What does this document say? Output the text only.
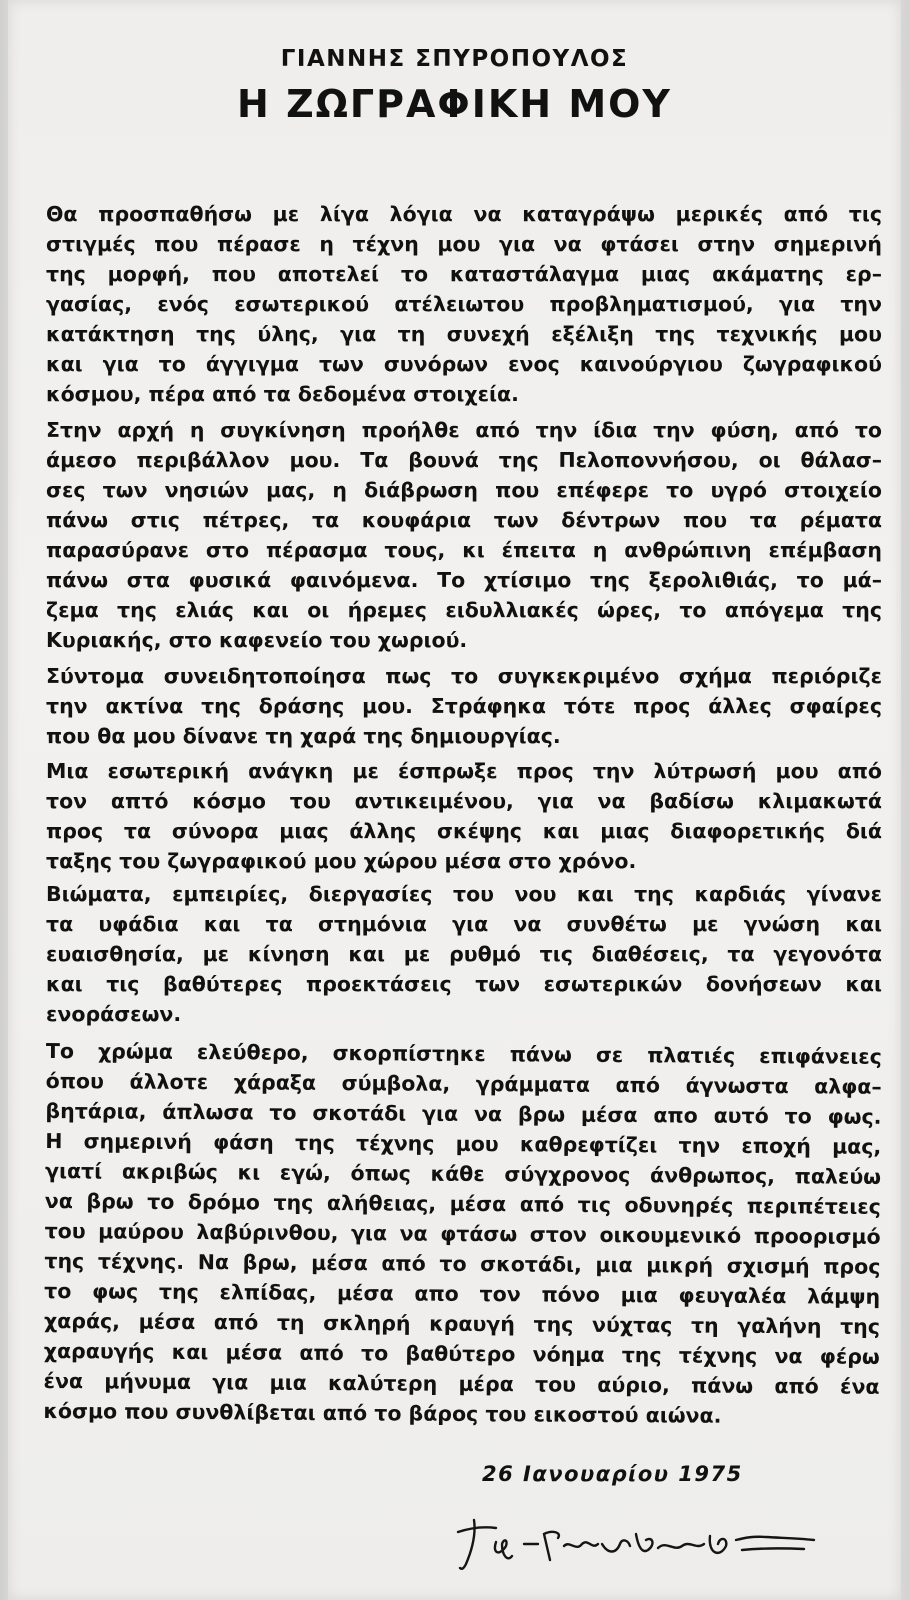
ΓΙΑΝΝΗΣ ΣΠΥΡΟΠΟΥΛΟΣ
Η ΖΩΓΡΑΦΙΚΗ ΜΟΥ
Θα προσπαθήσω με λίγα λόγια να καταγράψω μερικές από τις
στιγμές που πέρασε η τέχνη μου για να φτάσει στην σημερινή
της μορφή, που αποτελεί το καταστάλαγμα μιας ακάματης ερ–
γασίας, ενός εσωτερικού ατέλειωτου προβληματισμού, για την
κατάκτηση της ύλης, για τη συνεχή εξέλιξη της τεχνικής μου
και για το άγγιγμα των συνόρων ενος καινούργιου ζωγραφικού
κόσμου, πέρα από τα δεδομένα στοιχεία.
Στην αρχή η συγκίνηση προήλθε από την ίδια την φύση, από το
άμεσο περιβάλλον μου. Τα βουνά της Πελοποννήσου, οι θάλασ–
σες των νησιών μας, η διάβρωση που επέφερε το υγρό στοιχείο
πάνω στις πέτρες, τα κουφάρια των δέντρων που τα ρέματα
παρασύρανε στο πέρασμα τους, κι έπειτα η ανθρώπινη επέμβαση
πάνω στα φυσικά φαινόμενα. Το χτίσιμο της ξερολιθιάς, το μά–
ζεμα της ελιάς και οι ήρεμες ειδυλλιακές ώρες, το απόγεμα της
Κυριακής, στο καφενείο του χωριού.
Σύντομα συνειδητοποίησα πως το συγκεκριμένο σχήμα περιόριζε
την ακτίνα της δράσης μου. Στράφηκα τότε προς άλλες σφαίρες
που θα μου δίνανε τη χαρά της δημιουργίας.
Μια εσωτερική ανάγκη με έσπρωξε προς την λύτρωσή μου από
τον απτό κόσμο του αντικειμένου, για να βαδίσω κλιμακωτά
προς τα σύνορα μιας άλλης σκέψης και μιας διαφορετικής διά
ταξης του ζωγραφικού μου χώρου μέσα στο χρόνο.
Βιώματα, εμπειρίες, διεργασίες του νου και της καρδιάς γίνανε
τα υφάδια και τα στημόνια για να συνθέτω με γνώση και
ευαισθησία, με κίνηση και με ρυθμό τις διαθέσεις, τα γεγονότα
και τις βαθύτερες προεκτάσεις των εσωτερικών δονήσεων και
ενοράσεων.
Το χρώμα ελεύθερο, σκορπίστηκε πάνω σε πλατιές επιφάνειες
όπου άλλοτε χάραξα σύμβολα, γράμματα από άγνωστα αλφα–
βητάρια, άπλωσα το σκοτάδι για να βρω μέσα απο αυτό το φως.
Η σημερινή φάση της τέχνης μου καθρεφτίζει την εποχή μας,
γιατί ακριβώς κι εγώ, όπως κάθε σύγχρονος άνθρωπος, παλεύω
να βρω το δρόμο της αλήθειας, μέσα από τις οδυνηρές περιπέτειες
του μαύρου λαβύρινθου, για να φτάσω στον οικουμενικό προορισμό
της τέχνης. Να βρω, μέσα από το σκοτάδι, μια μικρή σχισμή προς
το φως της ελπίδας, μέσα απο τον πόνο μια φευγαλέα λάμψη
χαράς, μέσα από τη σκληρή κραυγή της νύχτας τη γαλήνη της
χαραυγής και μέσα από το βαθύτερο νόημα της τέχνης να φέρω
ένα μήνυμα για μια καλύτερη μέρα του αύριο, πάνω από ένα
κόσμο που συνθλίβεται από το βάρος του εικοστού αιώνα.
26 Ιανουαρίου 1975
